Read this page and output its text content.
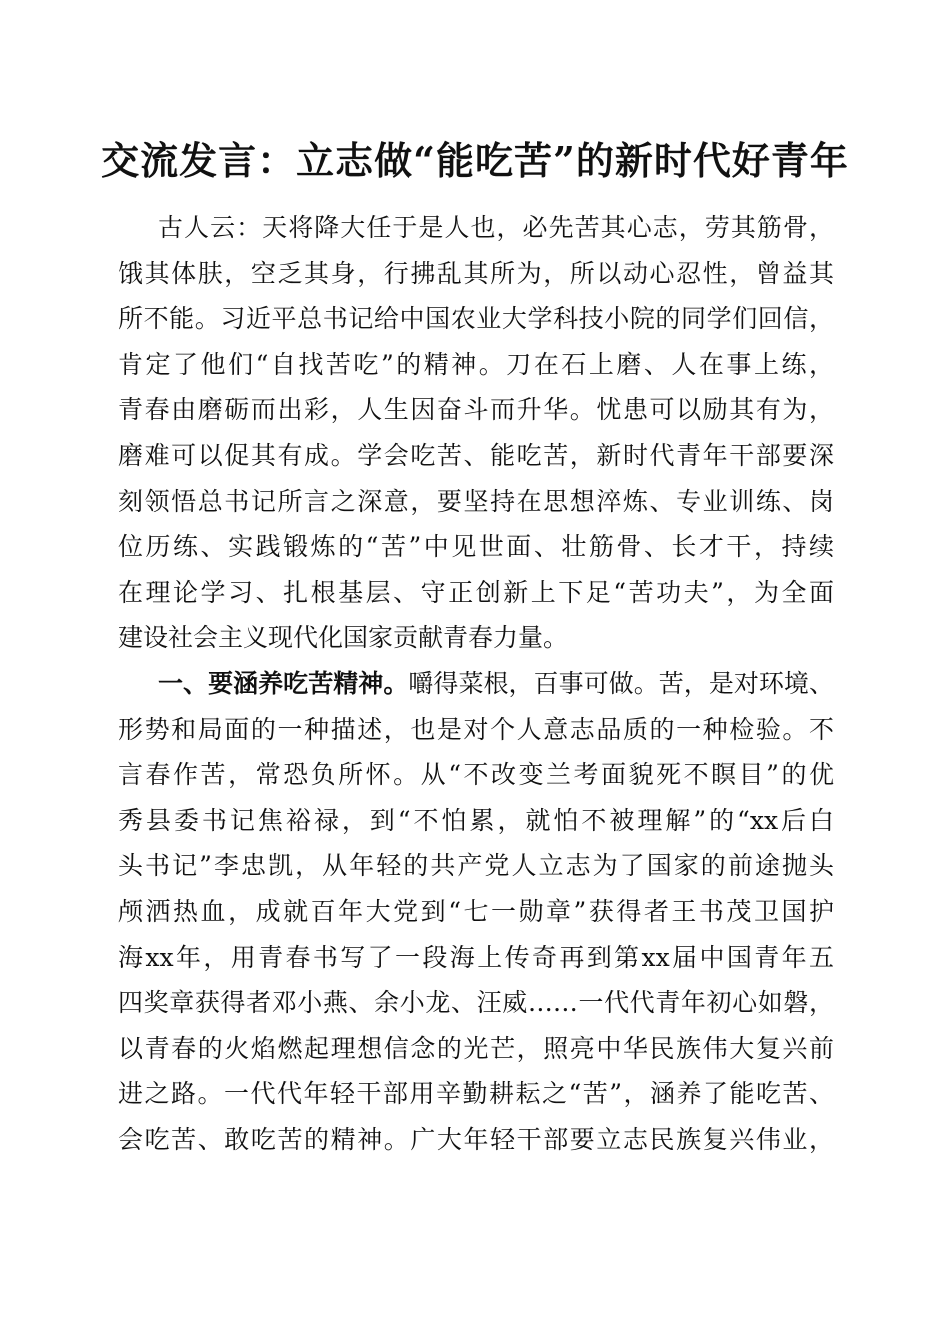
交流发言：立志做“能吃苦”的新时代好青年
古人云：天将降大任于是人也，必先苦其心志，劳其筋骨，
饿其体肤，空乏其身，行拂乱其所为，所以动心忍性，曾益其
所不能。习近平总书记给中国农业大学科技小院的同学们回信，
肯定了他们“自找苦吃”的精神。刀在石上磨、人在事上练，
青春由磨砺而出彩，人生因奋斗而升华。忧患可以励其有为，
磨难可以促其有成。学会吃苦、能吃苦，新时代青年干部要深
刻领悟总书记所言之深意，要坚持在思想淬炼、专业训练、岗
位历练、实践锻炼的“苦”中见世面、壮筋骨、长才干，持续
在理论学习、扎根基层、守正创新上下足“苦功夫”，为全面
建设社会主义现代化国家贡献青春力量。
一、要涵养吃苦精神。嚼得菜根，百事可做。苦，是对环境、
形势和局面的一种描述，也是对个人意志品质的一种检验。不
言春作苦，常恐负所怀。从“不改变兰考面貌死不瞑目”的优
秀县委书记焦裕禄，到“不怕累，就怕不被理解”的“xx后白
头书记”李忠凯，从年轻的共产党人立志为了国家的前途抛头
颅洒热血，成就百年大党到“七一勋章”获得者王书茂卫国护
海xx年，用青春书写了一段海上传奇再到第xx届中国青年五
四奖章获得者邓小燕、余小龙、汪威……一代代青年初心如磐，
以青春的火焰燃起理想信念的光芒，照亮中华民族伟大复兴前
进之路。一代代年轻干部用辛勤耕耘之“苦”，涵养了能吃苦、
会吃苦、敢吃苦的精神。广大年轻干部要立志民族复兴伟业，
